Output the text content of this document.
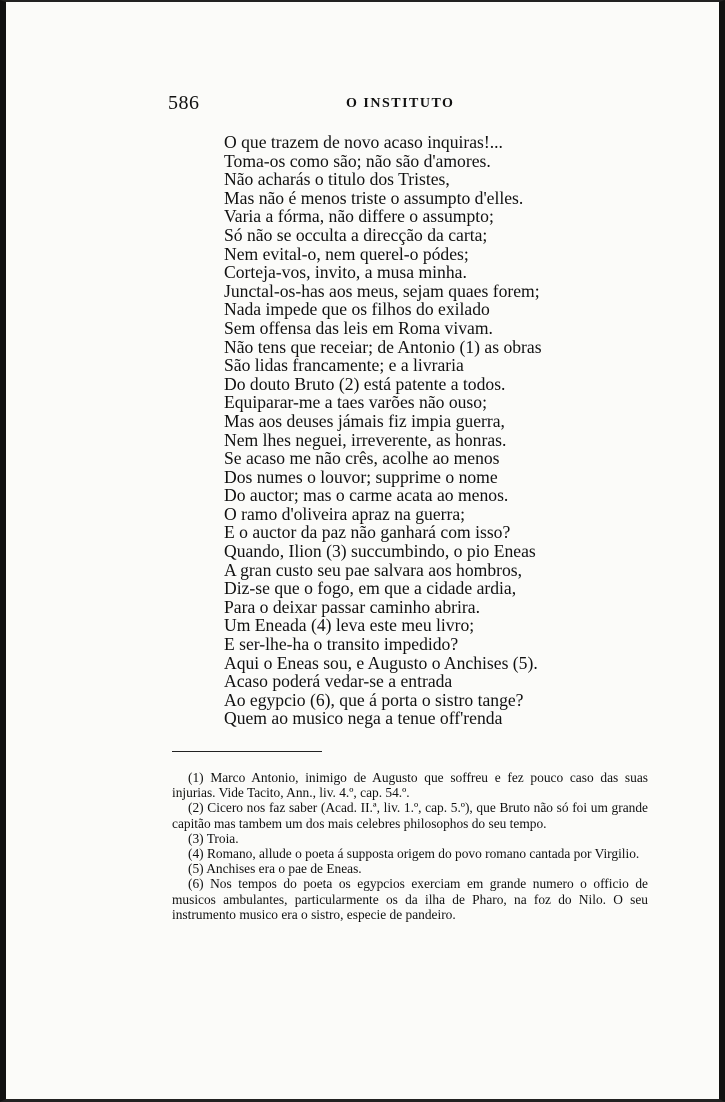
586	O INSTITUTO
O que trazem de novo acaso inquiras!...
Toma-os como são; não são d'amores.
Não acharás o titulo dos Tristes,
Mas não é menos triste o assumpto d'elles.
Varia a fórma, não differe o assumpto;
Só não se occulta a direcção da carta;
Nem evital-o, nem querel-o pódes;
Corteja-vos, invito, a musa minha.
Junctal-os-has aos meus, sejam quaes forem;
Nada impede que os filhos do exilado
Sem offensa das leis em Roma vivam.
Não tens que receiar; de Antonio (1) as obras
São lidas francamente; e a livraria
Do douto Bruto (2) está patente a todos.
Equiparar-me a taes varões não ouso;
Mas aos deuses jámais fiz impia guerra,
Nem lhes neguei, irreverente, as honras.
Se acaso me não crês, acolhe ao menos
Dos numes o louvor; supprime o nome
Do auctor; mas o carme acata ao menos.
O ramo d'oliveira apraz na guerra;
E o auctor da paz não ganhará com isso?
Quando, Ilion (3) succumbindo, o pio Eneas
A gran custo seu pae salvara aos hombros,
Diz-se que o fogo, em que a cidade ardia,
Para o deixar passar caminho abrira.
Um Eneada (4) leva este meu livro;
E ser-lhe-ha o transito impedido?
Aqui o Eneas sou, e Augusto o Anchises (5).
Acaso poderá vedar-se a entrada
Ao egypcio (6), que á porta o sistro tange?
Quem ao musico nega a tenue off'renda
(1) Marco Antonio, inimigo de Augusto que soffreu e fez pouco caso das suas injurias. Vide Tacito, Ann., liv. 4.º, cap. 54.º.
(2) Cicero nos faz saber (Acad. II.ª, liv. 1.º, cap. 5.º), que Bruto não só foi um grande capitão mas tambem um dos mais celebres philosophos do seu tempo.
(3) Troia.
(4) Romano, allude o poeta á supposta origem do povo romano cantada por Virgilio.
(5) Anchises era o pae de Eneas.
(6) Nos tempos do poeta os egypcios exerciam em grande numero o officio de musicos ambulantes, particularmente os da ilha de Pharo, na foz do Nilo. O seu instrumento musico era o sistro, especie de pandeiro.
